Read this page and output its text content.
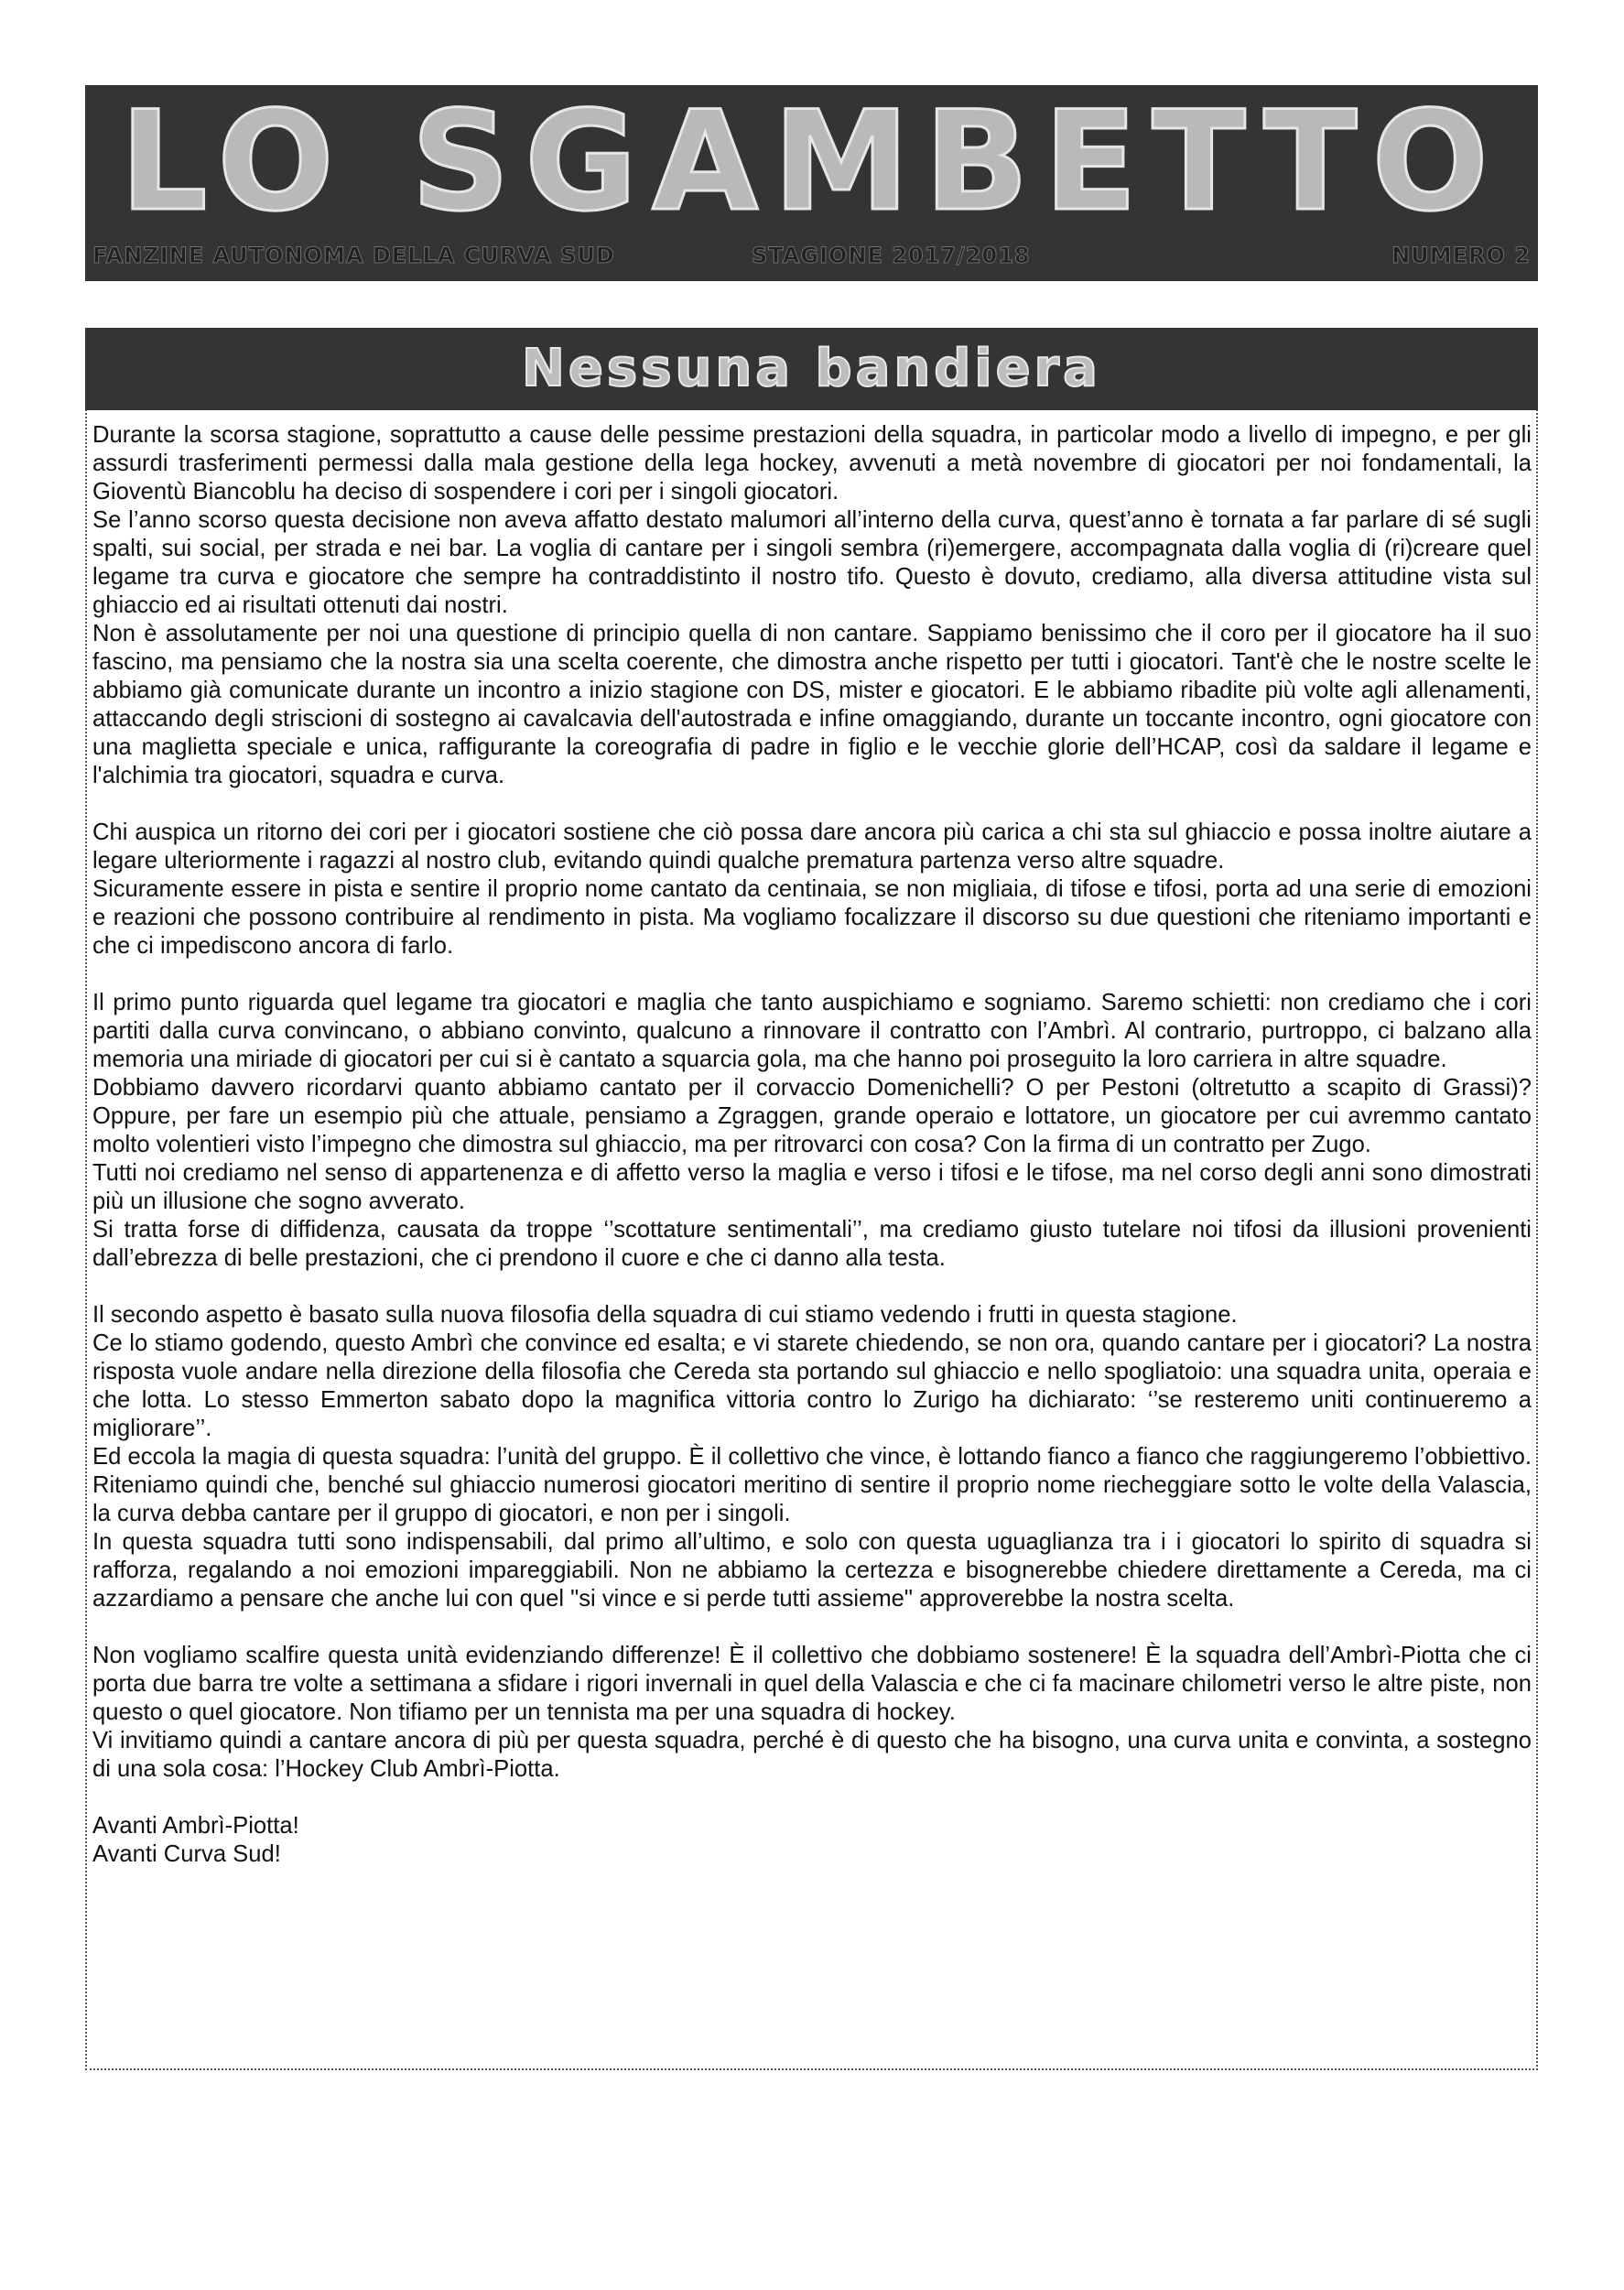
LO SGAMBETTO
FANZINE AUTONOMA DELLA CURVA SUD	STAGIONE 2017/2018	NUMERO 2
Nessuna bandiera

Durante la scorsa stagione, soprattutto a cause delle pessime prestazioni della squadra, in particolar modo a livello di impegno, e per gli assurdi trasferimenti permessi dalla mala gestione della lega hockey, avvenuti a metà novembre di giocatori per noi fondamentali, la Gioventù Biancoblu ha deciso di sospendere i cori per i singoli giocatori.

Se l’anno scorso questa decisione non aveva affatto destato malumori all’interno della curva, quest’anno è tornata a far parlare di sé sugli spalti, sui social, per strada e nei bar. La voglia di cantare per i singoli sembra (ri)emergere, accompagnata dalla voglia di (ri)creare quel legame tra curva e giocatore che sempre ha contraddistinto il nostro tifo. Questo è dovuto, crediamo, alla diversa attitudine vista sul ghiaccio ed ai risultati ottenuti dai nostri.

Non è assolutamente per noi una questione di principio quella di non cantare. Sappiamo benissimo che il coro per il giocatore ha il suo fascino, ma pensiamo che la nostra sia una scelta coerente, che dimostra anche rispetto per tutti i giocatori. Tant'è che le nostre scelte le abbiamo già comunicate durante un incontro a inizio stagione con DS, mister e giocatori. E le abbiamo ribadite più volte agli allenamenti, attaccando degli striscioni di sostegno ai cavalcavia dell'autostrada e infine omaggiando, durante un toccante incontro, ogni giocatore con una maglietta speciale e unica, raffigurante la coreografia di padre in figlio e le vecchie glorie dell’HCAP, così da saldare il legame e l'alchimia tra giocatori, squadra e curva.

Chi auspica un ritorno dei cori per i giocatori sostiene che ciò possa dare ancora più carica a chi sta sul ghiaccio e possa inoltre aiutare a legare ulteriormente i ragazzi al nostro club, evitando quindi qualche prematura partenza verso altre squadre.

Sicuramente essere in pista e sentire il proprio nome cantato da centinaia, se non migliaia, di tifose e tifosi, porta ad una serie di emozioni e reazioni che possono contribuire al rendimento in pista. Ma vogliamo focalizzare il discorso su due questioni che riteniamo importanti e che ci impediscono ancora di farlo.

Il primo punto riguarda quel legame tra giocatori e maglia che tanto auspichiamo e sogniamo. Saremo schietti: non crediamo che i cori partiti dalla curva convincano, o abbiano convinto, qualcuno a rinnovare il contratto con l’Ambrì. Al contrario, purtroppo, ci balzano alla memoria una miriade di giocatori per cui si è cantato a squarcia gola, ma che hanno poi proseguito la loro carriera in altre squadre.

Dobbiamo davvero ricordarvi quanto abbiamo cantato per il corvaccio Domenichelli? O per Pestoni (oltretutto a scapito di Grassi)? Oppure, per fare un esempio più che attuale, pensiamo a Zgraggen, grande operaio e lottatore, un giocatore per cui avremmo cantato molto volentieri visto l’impegno che dimostra sul ghiaccio, ma per ritrovarci con cosa? Con la firma di un contratto per Zugo.

Tutti noi crediamo nel senso di appartenenza e di affetto verso la maglia e verso i tifosi e le tifose, ma nel corso degli anni sono dimostrati più un illusione che sogno avverato.

Si tratta forse di diffidenza, causata da troppe ‘’scottature sentimentali’’, ma crediamo giusto tutelare noi tifosi da illusioni provenienti dall’ebrezza di belle prestazioni, che ci prendono il cuore e che ci danno alla testa.

Il secondo aspetto è basato sulla nuova filosofia della squadra di cui stiamo vedendo i frutti in questa stagione.

Ce lo stiamo godendo, questo Ambrì che convince ed esalta; e vi starete chiedendo, se non ora, quando cantare per i giocatori? La nostra risposta vuole andare nella direzione della filosofia che Cereda sta portando sul ghiaccio e nello spogliatoio: una squadra unita, operaia e che lotta. Lo stesso Emmerton sabato dopo la magnifica vittoria contro lo Zurigo ha dichiarato: ‘’se resteremo uniti continueremo a migliorare’’.

Ed eccola la magia di questa squadra: l’unità del gruppo. È il collettivo che vince, è lottando fianco a fianco che raggiungeremo l’obbiettivo. Riteniamo quindi che, benché sul ghiaccio numerosi giocatori meritino di sentire il proprio nome riecheggiare sotto le volte della Valascia, la curva debba cantare per il gruppo di giocatori, e non per i singoli.

In questa squadra tutti sono indispensabili, dal primo all’ultimo, e solo con questa uguaglianza tra i i giocatori lo spirito di squadra si rafforza, regalando a noi emozioni impareggiabili. Non ne abbiamo la certezza e bisognerebbe chiedere direttamente a Cereda, ma ci azzardiamo a pensare che anche lui con quel "si vince e si perde tutti assieme" approverebbe la nostra scelta.

Non vogliamo scalfire questa unità evidenziando differenze! È il collettivo che dobbiamo sostenere! È la squadra dell’Ambrì-Piotta che ci porta due barra tre volte a settimana a sfidare i rigori invernali in quel della Valascia e che ci fa macinare chilometri verso le altre piste, non questo o quel giocatore. Non tifiamo per un tennista ma per una squadra di hockey.

Vi invitiamo quindi a cantare ancora di più per questa squadra, perché è di questo che ha bisogno, una curva unita e convinta, a sostegno di una sola cosa: l’Hockey Club Ambrì-Piotta.

Avanti Ambrì-Piotta!

Avanti Curva Sud!
